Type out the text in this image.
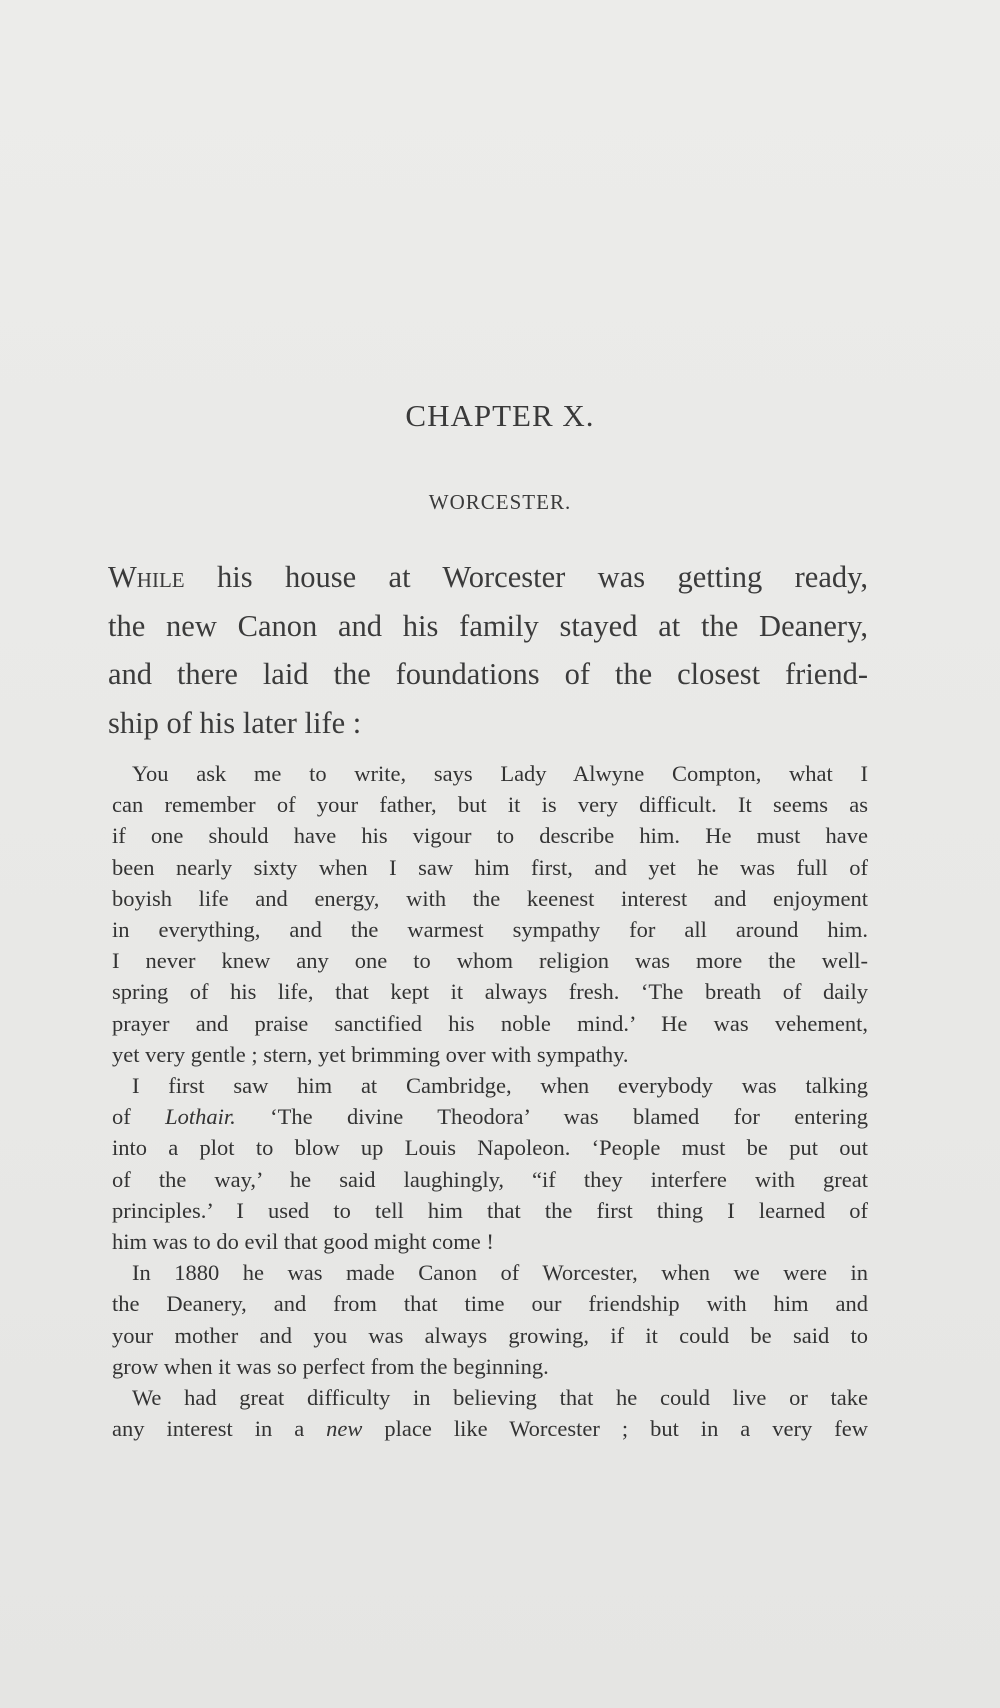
CHAPTER X.
WORCESTER.
While his house at Worcester was getting ready,
the new Canon and his family stayed at the Deanery,
and there laid the foundations of the closest friend-
ship of his later life :
You ask me to write, says Lady Alwyne Compton, what I
can remember of your father, but it is very difficult. It seems as
if one should have his vigour to describe him. He must have
been nearly sixty when I saw him first, and yet he was full of
boyish life and energy, with the keenest interest and enjoyment
in everything, and the warmest sympathy for all around him.
I never knew any one to whom religion was more the well-
spring of his life, that kept it always fresh. ‘The breath of daily
prayer and praise sanctified his noble mind.’ He was vehement,
yet very gentle ; stern, yet brimming over with sympathy.
I first saw him at Cambridge, when everybody was talking
of Lothair. ‘The divine Theodora’ was blamed for entering
into a plot to blow up Louis Napoleon. ‘People must be put out
of the way,’ he said laughingly, “if they interfere with great
principles.’ I used to tell him that the first thing I learned of
him was to do evil that good might come !
In 1880 he was made Canon of Worcester, when we were in
the Deanery, and from that time our friendship with him and
your mother and you was always growing, if it could be said to
grow when it was so perfect from the beginning.
We had great difficulty in believing that he could live or take
any interest in a new place like Worcester ; but in a very few
